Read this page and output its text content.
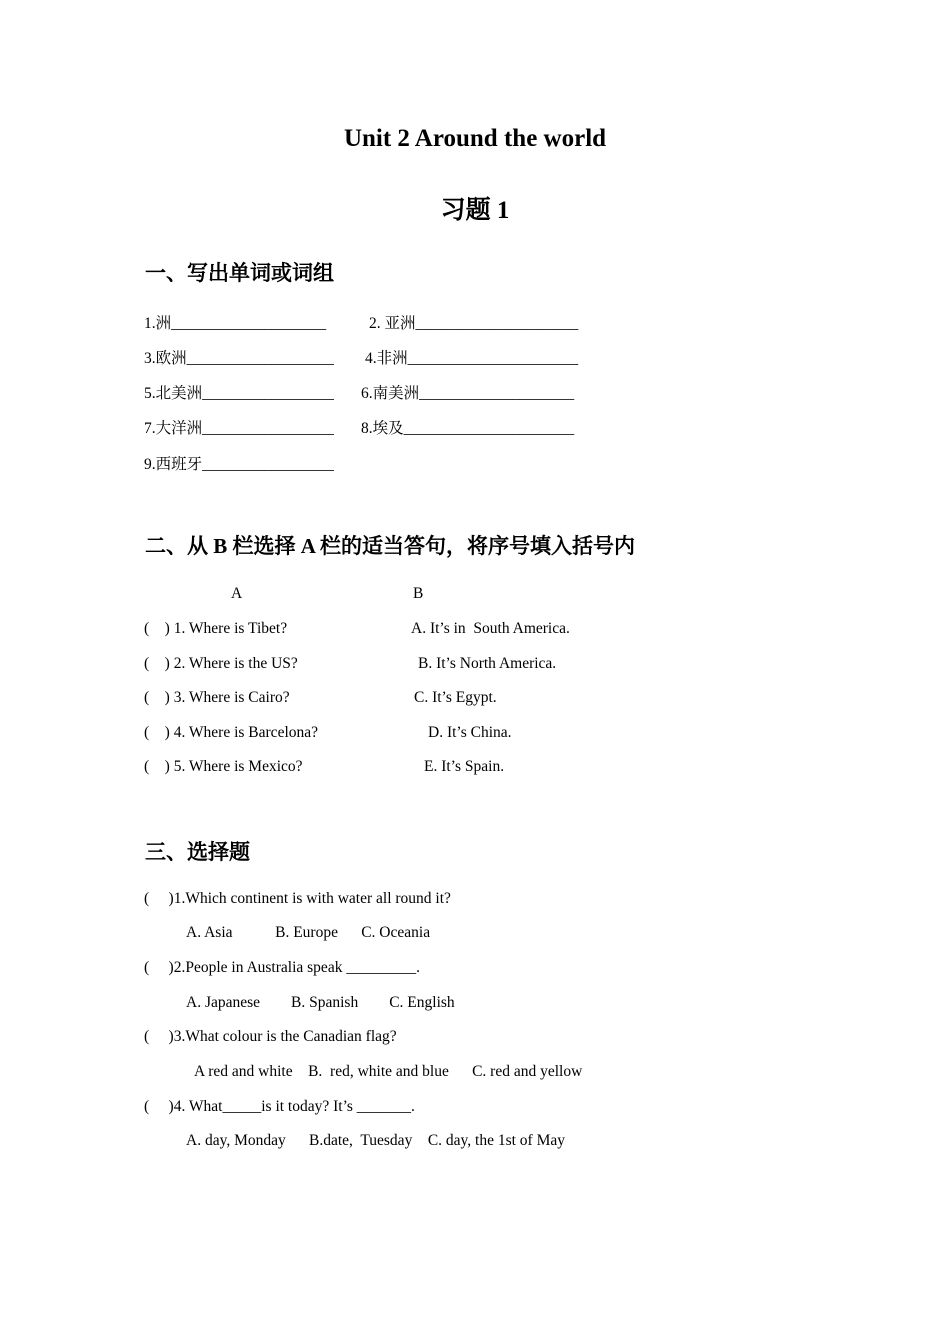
Unit 2 Around the world
习题 1
一、写出单词或词组
1.洲____________________	2. 亚洲_____________________
3.欧洲___________________ 4.非洲______________________
5.北美洲_________________ 6.南美洲____________________
7.大洋洲_________________ 8.埃及______________________
9.西班牙_________________
二、从 B 栏选择 A 栏的适当答句，将序号填入括号内
A	B
(    ) 1. Where is Tibet?	A. It’s in  South America.
(    ) 2. Where is the US?	B. It’s North America.
(    ) 3. Where is Cairo?	C. It’s Egypt.
(    ) 4. Where is Barcelona?	D. It’s China.
(    ) 5. Where is Mexico?	E. It’s Spain.
三、选择题
(     )1.Which continent is with water all round it?
A. Asia           B. Europe      C. Oceania
(     )2.People in Australia speak _________.
A. Japanese        B. Spanish        C. English
(     )3.What colour is the Canadian flag?
A red and white    B.  red, white and blue      C. red and yellow
(     )4. What_____is it today? It’s _______.
A. day, Monday      B.date,  Tuesday    C. day, the 1st of May
